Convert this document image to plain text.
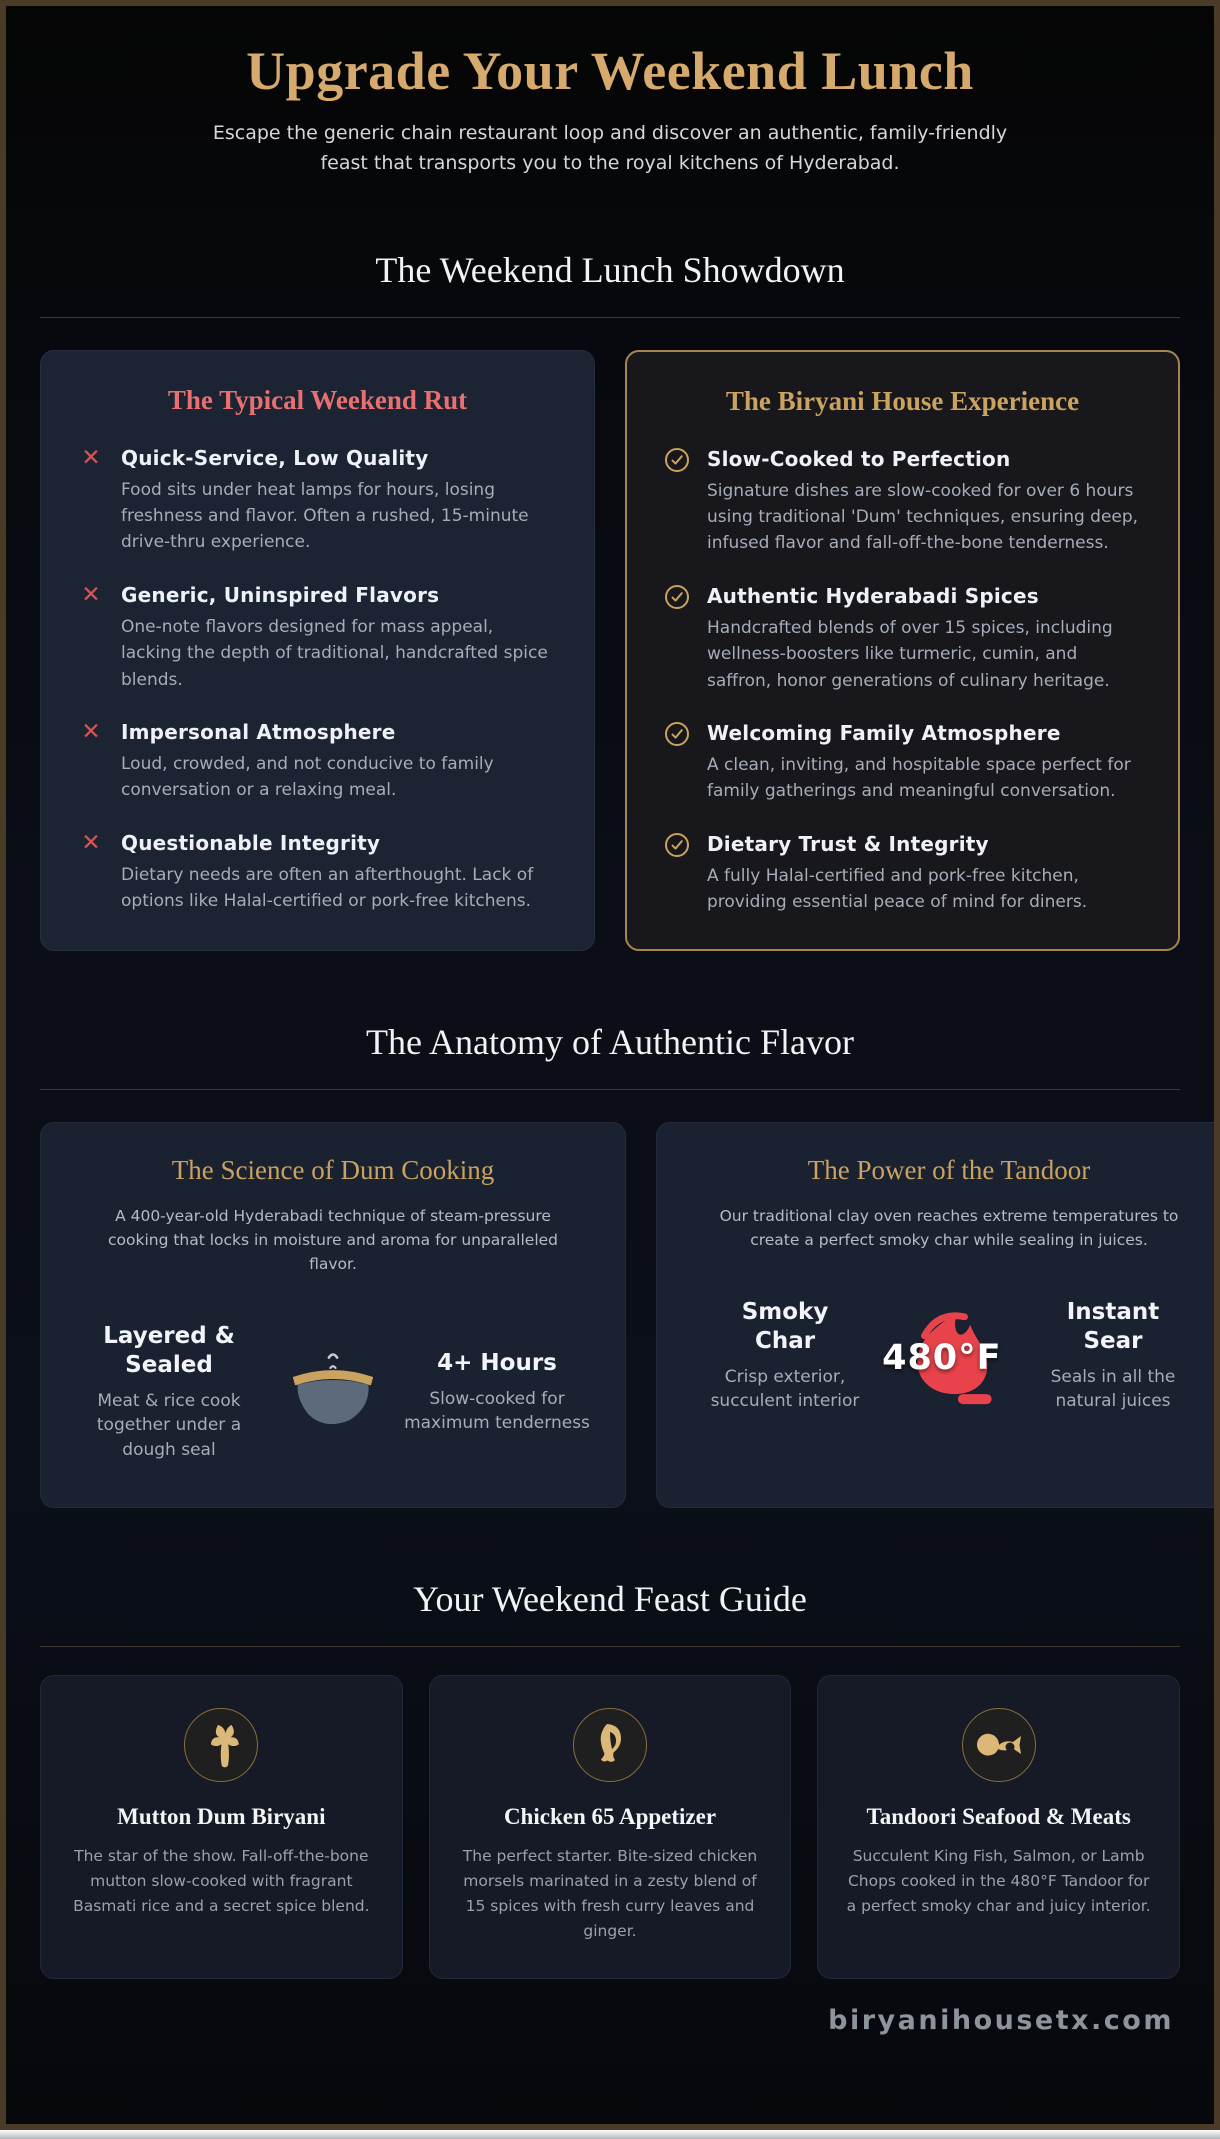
Upgrade Your Weekend Lunch

Escape the generic chain restaurant loop and discover an authentic, family-friendly feast that transports you to the royal kitchens of Hyderabad.

The Weekend Lunch Showdown
The Typical Weekend Rut
✕ Quick-Service, Low Quality
Food sits under heat lamps for hours, losing freshness and flavor. Often a rushed, 15-minute drive-thru experience.
✕ Generic, Uninspired Flavors
One-note flavors designed for mass appeal, lacking the depth of traditional, handcrafted spice blends.
✕ Impersonal Atmosphere
Loud, crowded, and not conducive to family conversation or a relaxing meal.
✕ Questionable Integrity
Dietary needs are often an afterthought. Lack of options like Halal-certified or pork-free kitchens.
The Biryani House Experience
Slow-Cooked to Perfection
Signature dishes are slow-cooked for over 6 hours using traditional 'Dum' techniques, ensuring deep, infused flavor and fall-off-the-bone tenderness.
Authentic Hyderabadi Spices
Handcrafted blends of over 15 spices, including wellness-boosters like turmeric, cumin, and saffron, honor generations of culinary heritage.
Welcoming Family Atmosphere
A clean, inviting, and hospitable space perfect for family gatherings and meaningful conversation.
Dietary Trust & Integrity
A fully Halal-certified and pork-free kitchen, providing essential peace of mind for diners.
The Anatomy of Authentic Flavor
The Science of Dum Cooking

A 400-year-old Hyderabadi technique of steam-pressure cooking that locks in moisture and aroma for unparalleled flavor.

Layered & Sealed
Meat & rice cook together under a dough seal
4+ Hours
Slow-cooked for maximum tenderness
The Power of the Tandoor

Our traditional clay oven reaches extreme temperatures to create a perfect smoky char while sealing in juices.

Smoky Char
Crisp exterior, succulent interior
480°F
Instant Sear
Seals in all the natural juices
Your Weekend Feast Guide
Mutton Dum Biryani

The star of the show. Fall-off-the-bone mutton slow-cooked with fragrant Basmati rice and a secret spice blend.

Chicken 65 Appetizer

The perfect starter. Bite-sized chicken morsels marinated in a zesty blend of 15 spices with fresh curry leaves and ginger.

Tandoori Seafood & Meats

Succulent King Fish, Salmon, or Lamb Chops cooked in the 480°F Tandoor for a perfect smoky char and juicy interior.

biryanihousetx.com
